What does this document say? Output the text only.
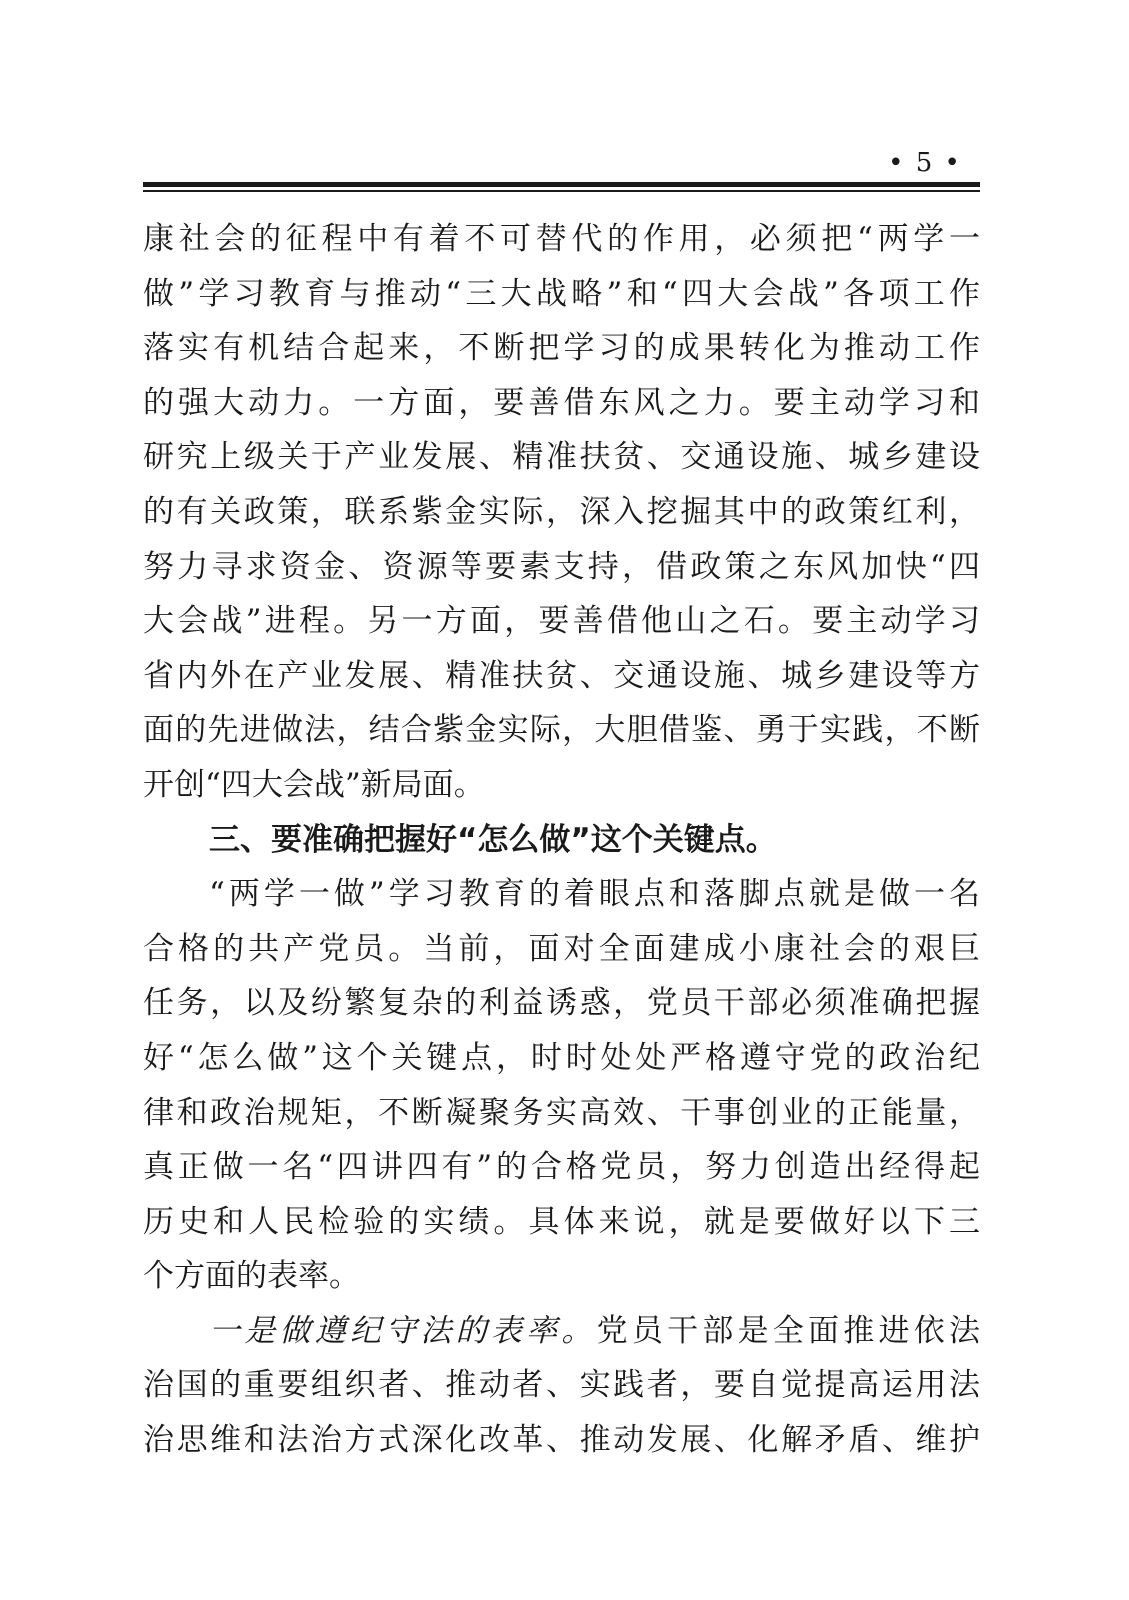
• 5 •
康社会的征程中有着不可替代的作用，必须把“两学一
做”学习教育与推动“三大战略”和“四大会战”各项工作
落实有机结合起来，不断把学习的成果转化为推动工作
的强大动力。一方面，要善借东风之力。要主动学习和
研究上级关于产业发展、精准扶贫、交通设施、城乡建设
的有关政策，联系紫金实际，深入挖掘其中的政策红利，
努力寻求资金、资源等要素支持，借政策之东风加快“四
大会战”进程。另一方面，要善借他山之石。要主动学习
省内外在产业发展、精准扶贫、交通设施、城乡建设等方
面的先进做法，结合紫金实际，大胆借鉴、勇于实践，不断
开创“四大会战”新局面。
三、要准确把握好“怎么做”这个关键点。
“两学一做”学习教育的着眼点和落脚点就是做一名
合格的共产党员。当前，面对全面建成小康社会的艰巨
任务，以及纷繁复杂的利益诱惑，党员干部必须准确把握
好“怎么做”这个关键点，时时处处严格遵守党的政治纪
律和政治规矩，不断凝聚务实高效、干事创业的正能量，
真正做一名“四讲四有”的合格党员，努力创造出经得起
历史和人民检验的实绩。具体来说，就是要做好以下三
个方面的表率。
一是做遵纪守法的表率。党员干部是全面推进依法
治国的重要组织者、推动者、实践者，要自觉提高运用法
治思维和法治方式深化改革、推动发展、化解矛盾、维护
